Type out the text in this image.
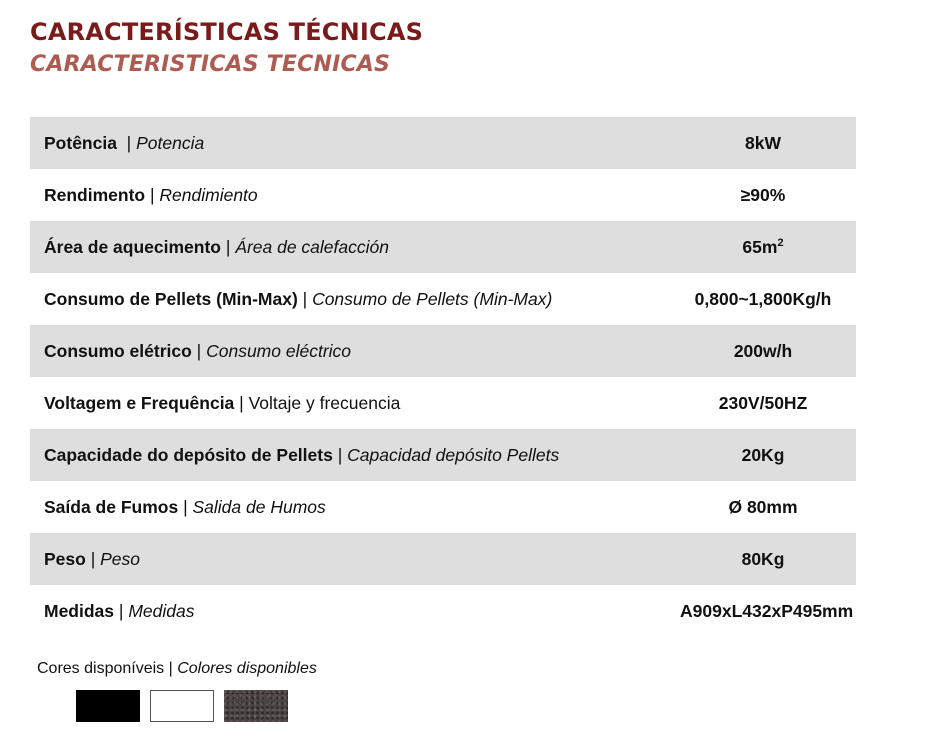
CARACTERÍSTICAS TÉCNICAS
CARACTERISTICAS TECNICAS
Potência  | Potencia	8kW
Rendimento | Rendimiento	≥90%
Área de aquecimento | Área de calefacción	$65m^2$
Consumo de Pellets (Min-Max) | Consumo de Pellets (Min-Max)	0,800~1,800Kg/h
Consumo elétrico | Consumo eléctrico	200w/h
Voltagem e Frequência | Voltaje y frecuencia	230V/50HZ
Capacidade do depósito de Pellets | Capacidad depósito Pellets	20Kg
Saída de Fumos | Salida de Humos	Ø 80mm
Peso | Peso	80Kg
Medidas | Medidas	A909xL432xP495mm
Cores disponíveis | Colores disponibles
